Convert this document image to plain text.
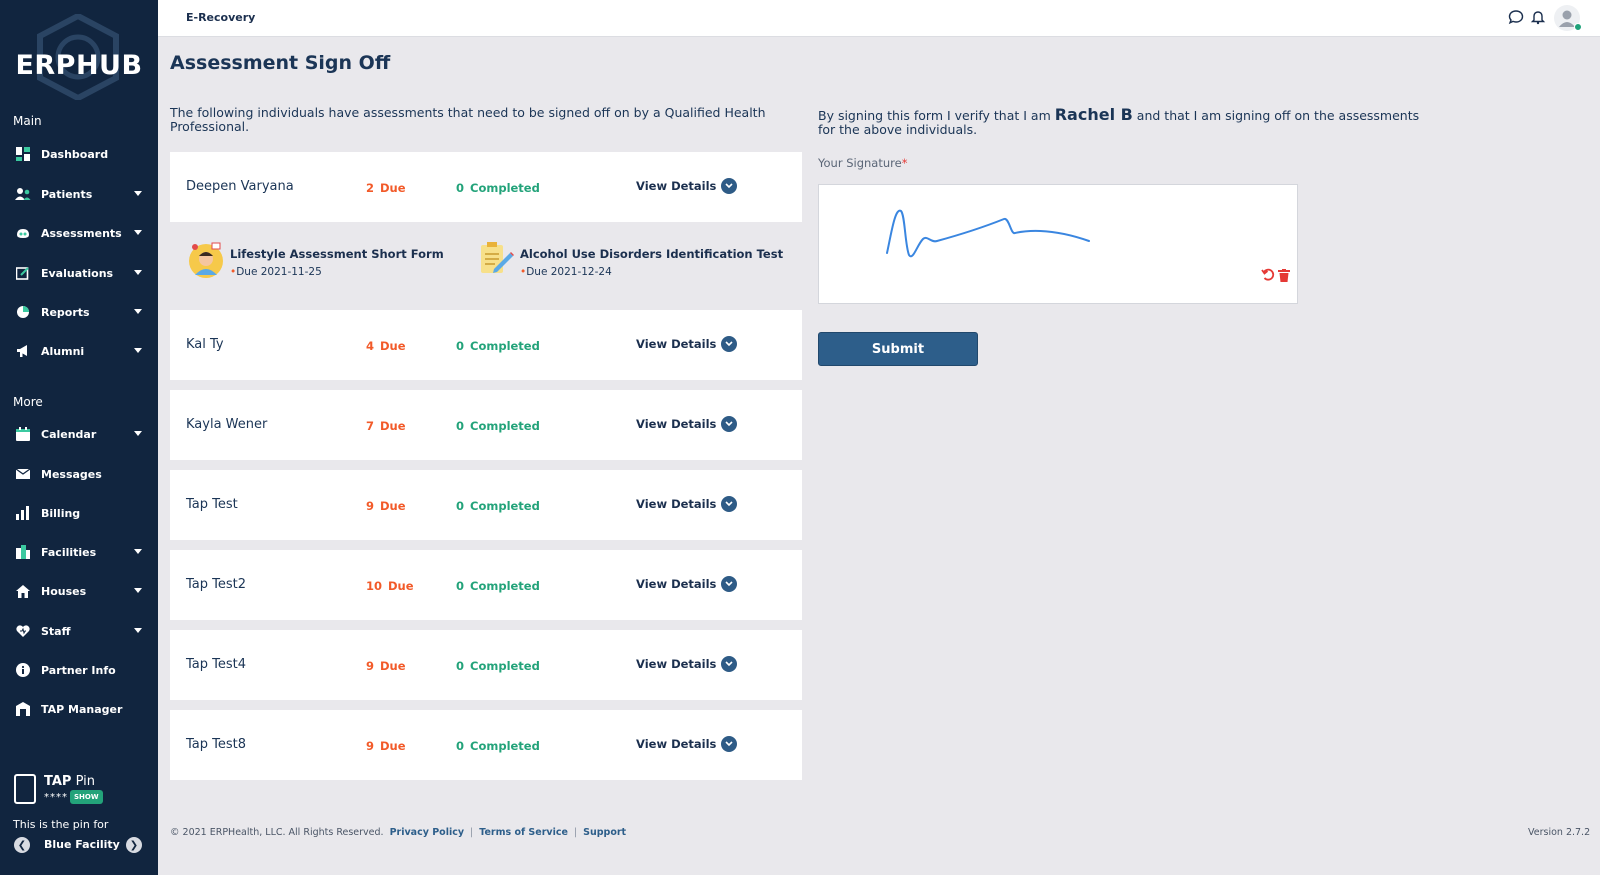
ERPHUB
Main
Dashboard
Patients
Assessments
Evaluations
Reports
Alumni
More
Calendar
Messages
Billing
Facilities
Houses
Staff
Partner Info
TAP Manager
TAP Pin
**** SHOW
This is the pin for
❮	Blue Facility ❯
E-Recovery
Assessment Sign Off
The following individuals have assessments that need to be signed off on by a Qualified Health Professional.
Deepen Varyana	2 Due	0 Completed	View Details
Kal Ty	4 Due	0 Completed	View Details
Kayla Wener	7 Due	0 Completed	View Details
Tap Test	9 Due	0 Completed	View Details
Tap Test2	10 Due	0 Completed	View Details
Tap Test4	9 Due	0 Completed	View Details
Tap Test8	9 Due	0 Completed	View Details
Lifestyle Assessment Short Form
•Due 2021-11-25
Alcohol Use Disorders Identification Test
•Due 2021-12-24
By signing this form I verify that I am Rachel B and that I am signing off on the assessments for the above individuals.
Your Signature*
Submit
© 2021 ERPHealth, LLC. All Rights Reserved. Privacy Policy | Terms of Service | Support	Version 2.7.2
